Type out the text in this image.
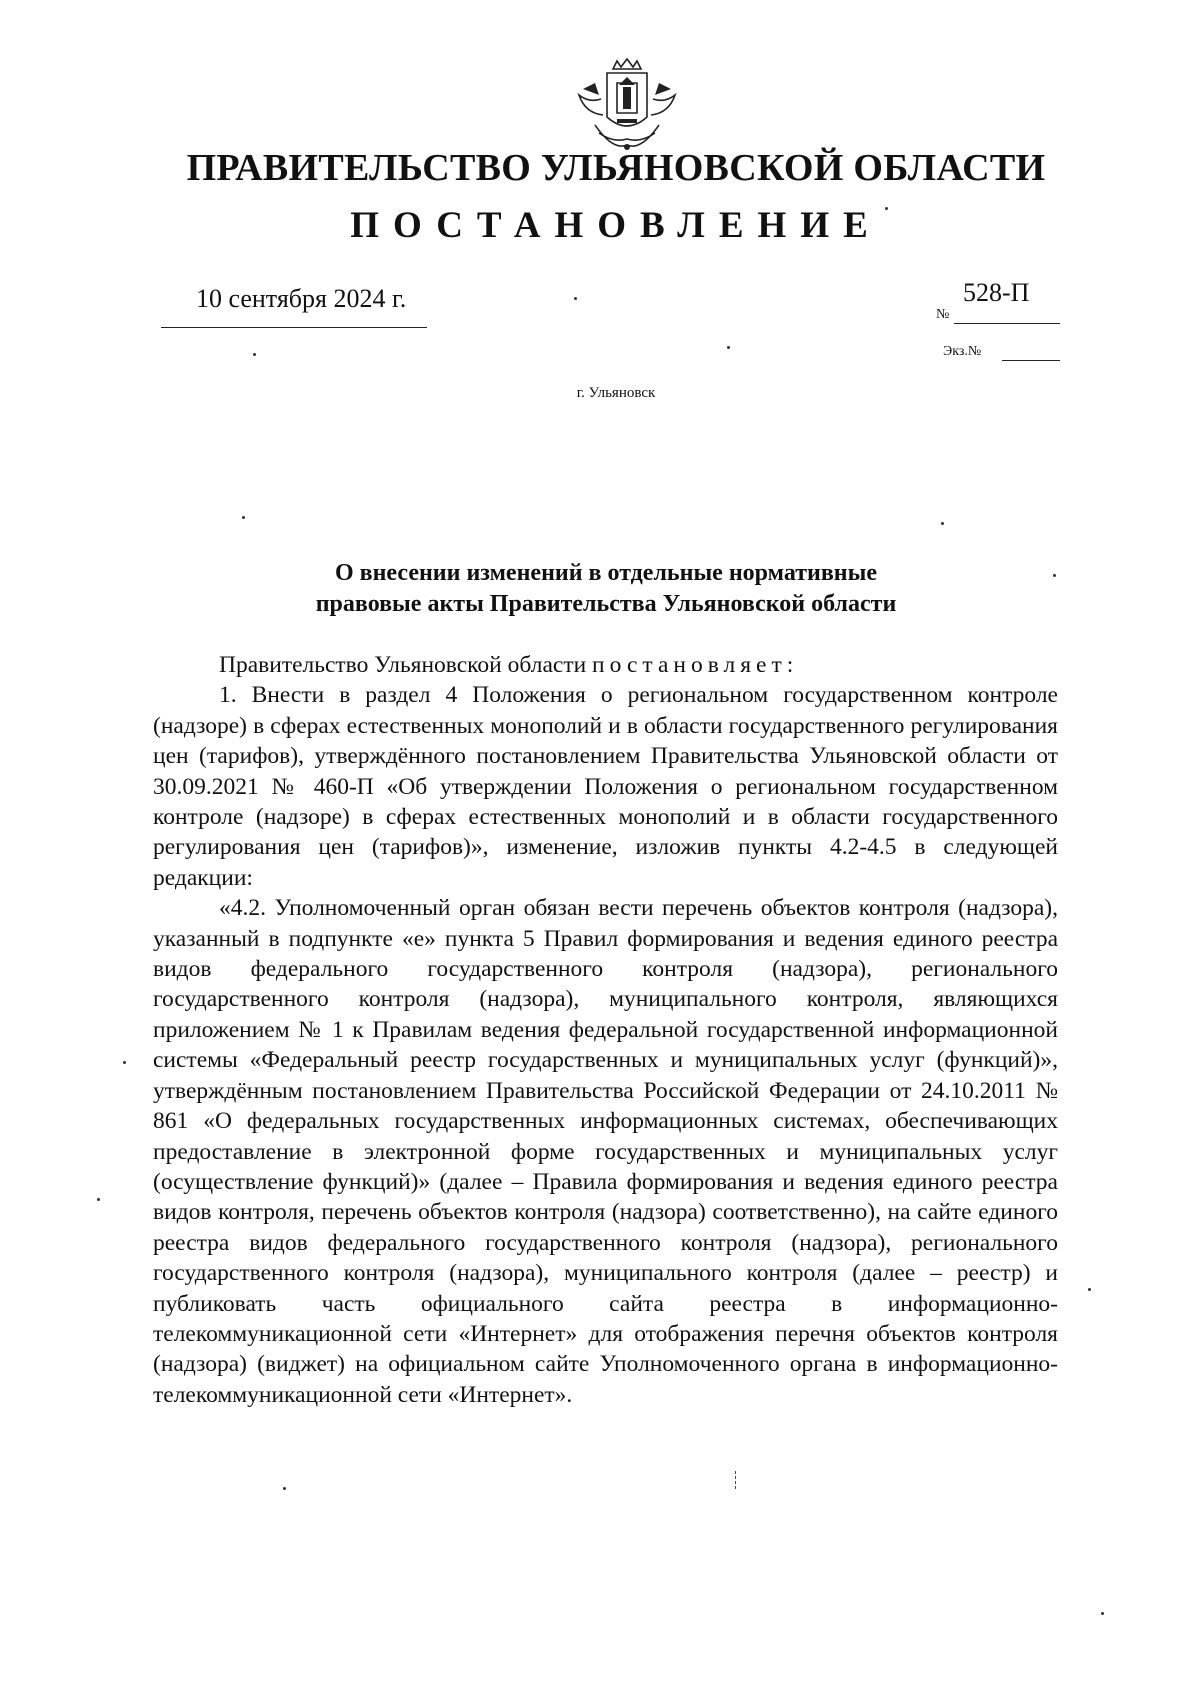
ПРАВИТЕЛЬСТВО УЛЬЯНОВСКОЙ ОБЛАСТИ
ПОСТАНОВЛЕНИЕ
10 сентября 2024 г.	528-П
№
Экз.№
г. Ульяновск
О внесении изменений в отдельные нормативные
правовые акты Правительства Ульяновской области

Правительство Ульяновской области постановляет:

1. Внести в раздел 4 Положения о региональном государственном контроле (надзоре) в сферах естественных монополий и в области государственного регулирования цен (тарифов), утверждённого постановлением Правительства Ульяновской области от 30.09.2021 № 460-П «Об утверждении Положения о региональном государственном контроле (надзоре) в сферах естественных монополий и в области государственного регулирования цен (тарифов)», изменение, изложив пункты 4.2-4.5 в следующей редакции:

«4.2. Уполномоченный орган обязан вести перечень объектов контроля (надзора), указанный в подпункте «е» пункта 5 Правил формирования и ведения единого реестра видов федерального государственного контроля (надзора), регионального государственного контроля (надзора), муниципального контроля, являющихся приложением № 1 к Правилам ведения федеральной государственной информационной системы «Федеральный реестр государственных и муниципальных услуг (функций)», утверждённым постановлением Правительства Российской Федерации от 24.10.2011 № 861 «О федеральных государственных информационных системах, обеспечивающих предоставление в электронной форме государственных и муниципальных услуг (осуществление функций)» (далее – Правила формирования и ведения единого реестра видов контроля, перечень объектов контроля (надзора) соответственно), на сайте единого реестра видов федерального государственного контроля (надзора), регионального государственного контроля (надзора), муниципального контроля (далее – реестр) и публиковать часть официального сайта реестра в информационно-телекоммуникационной сети «Интернет» для отображения перечня объектов контроля (надзора) (виджет) на официальном сайте Уполномоченного органа в информационно-телекоммуникационной сети «Интернет».
